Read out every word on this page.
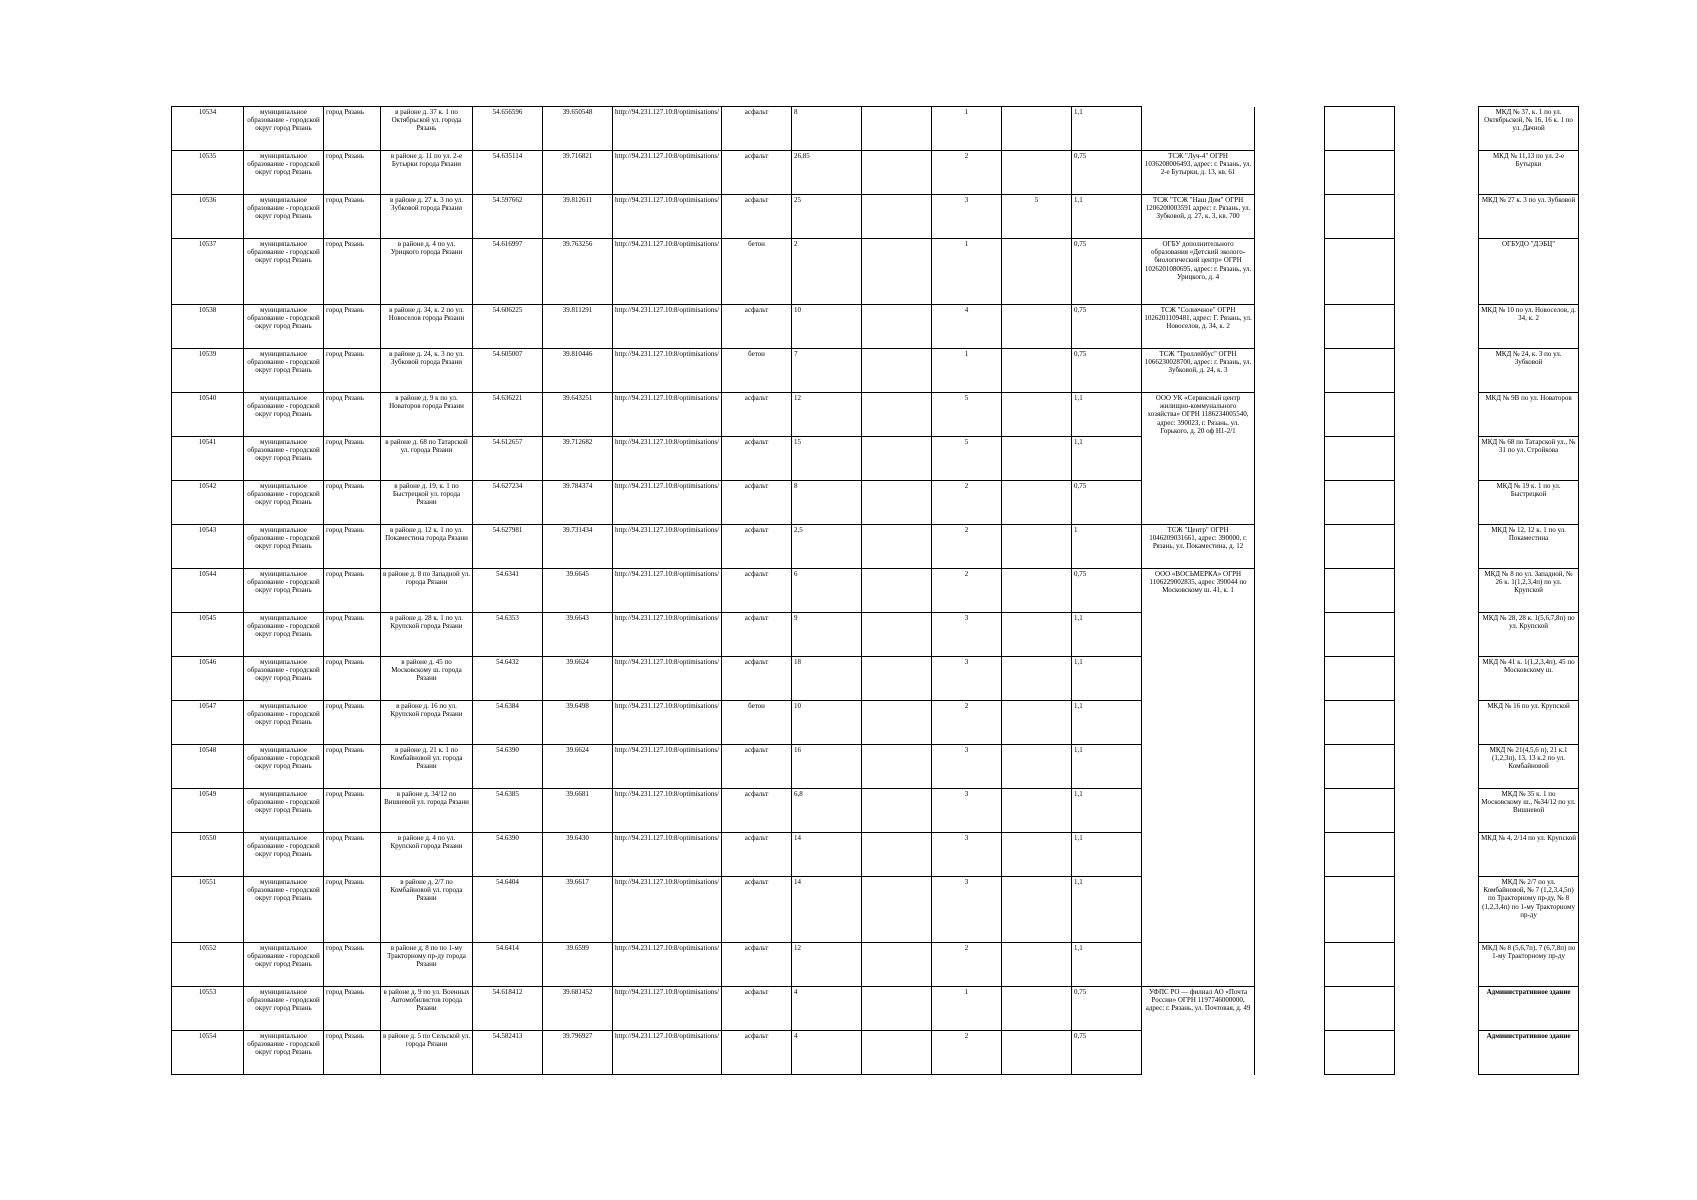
10534	муниципальное образование - городской округ город Рязань	город Рязань	в районе д. 37 к. 1 по Октябрьской ул. города Рязань	54.656596	39.650548	http://94.231.127.10:8/optimisations/	асфальт	8		1		1,1					МКД № 37, к. 1 по ул. Октябрьской, № 16, 16 к. 1 по ул. Дачной
10535	муниципальное образование - городской округ город Рязань	город Рязань	в районе д. 11 по ул. 2-е Бутырки города Рязани	54.635114	39.716821	http://94.231.127.10:8/optimisations/	асфальт	26,85		2		0,75	ТСЖ "Луч-4" ОГРН 1036208006493, адрес: г. Рязань, ул. 2-е Бутырки, д. 13, кв. 61				МКД № 11,13 по ул. 2-е Бутырки
10536	муниципальное образование - городской округ город Рязань	город Рязань	в районе д. 27 к. 3 по ул. Зубковой города Рязани	54.597662	39.812611	http://94.231.127.10:8/optimisations/	асфальт	25		3	5	1,1	ТСЖ "ТСЖ "Наш Дом" ОГРН 1206200003591 адрес: г. Рязань, ул. Зубковой, д. 27, к. 3, кв. 700				МКД № 27 к. 3 по ул. Зубковой
10537	муниципальное образование - городской округ город Рязань	город Рязань	в районе д. 4 по ул. Урицкого города Рязани	54.616997	39.763256	http://94.231.127.10:8/optimisations/	бетон	2		1		0,75	ОГБУ дополнительного образования «Детский эколого-биологический центр» ОГРН 1026201080695, адрес: г. Рязань, ул. Урицкого, д. 4				ОГБУДО "ДЭБЦ"
10538	муниципальное образование - городской округ город Рязань	город Рязань	в районе д. 34, к. 2 по ул. Новоселов города Рязани	54.606225	39.811291	http://94.231.127.10:8/optimisations/	асфальт	10		4		0,75	ТСЖ "Солнечное" ОГРН 1026201109481, адрес: Г. Рязань, ул. Новоселов, д. 34, к. 2				МКД № 10 по ул. Новоселов, д. 34, к. 2
10539	муниципальное образование - городской округ город Рязань	город Рязань	в районе д. 24, к. 3 по ул. Зубковой города Рязани	54.605007	39.810446	http://94.231.127.10:8/optimisations/	бетон	7		1		0,75	ТСЖ "Троллейбус" ОГРН 1066230028700, адрес: г. Рязань, ул. Зубковой, д. 24, к. 3				МКД № 24, к. 3 по ул. Зубковой
10540	муниципальное образование - городской округ город Рязань	город Рязань	в районе д. 9 к по ул. Новаторов города Рязани	54.636221	39.643251	http://94.231.127.10:8/optimisations/	асфальт	12		5		1,1	ООО УК «Сервисный центр жилищно-коммунального хозяйства» ОГРН 1186234005540, адрес: 390023, г. Рязань, ул. Горького, д. 20 оф Н1-2/1				МКД № 9В по ул. Новаторов
10541	муниципальное образование - городской округ город Рязань	город Рязань	в районе д. 68 по Татарской ул. города Рязани	54.612657	39.712682	http://94.231.127.10:8/optimisations/	асфальт	15		5		1,1					МКД № 68 по Татарской ул., № 31 по ул. Стройкова
10542	муниципальное образование - городской округ город Рязань	город Рязань	в районе д. 19, к. 1 по Быстрецкой ул. города Рязани	54.627234	39.784374	http://94.231.127.10:8/optimisations/	асфальт	8		2		0,75					МКД № 19 к. 1 по ул. Быстрецкой
10543	муниципальное образование - городской округ город Рязань	город Рязань	в районе д. 12 к. 1 по ул. Покаместина города Рязани	54.627981	39.731434	http://94.231.127.10:8/optimisations/	асфальт	2,5		2		1	ТСЖ "Центр" ОГРН 1046209031661, адрес: 390000, г. Рязань, ул. Покаместина, д. 12				МКД № 12, 12 к. 1 по ул. Покаместина
10544	муниципальное образование - городской округ город Рязань	город Рязань	в районе д. 8 по Западной ул. города Рязани	54.6341	39.6645	http://94.231.127.10:8/optimisations/	асфальт	6		2		0,75	ООО «ВОСЬМЕРКА» ОГРН 1106229002835, адрес 390044 по Московскому ш. 41, к. 1				МКД № 8 по ул. Западной, № 26 к. 1(1,2,3,4п) по ул. Крупской
10545	муниципальное образование - городской округ город Рязань	город Рязань	в районе д. 28 к. 1 по ул. Крупской города Рязани	54.6353	39.6643	http://94.231.127.10:8/optimisations/	асфальт	9		3		1,1					МКД № 28, 28 к. 1(5,6,7,8п) по ул. Крупской
10546	муниципальное образование - городской округ город Рязань	город Рязань	в районе д. 45 по Московскому ш. города Рязани	54.6432	39.6624	http://94.231.127.10:8/optimisations/	асфальт	18		3		1,1					МКД № 41 к. 1(1,2,3,4п), 45 по Московскому ш.
10547	муниципальное образование - городской округ город Рязань	город Рязань	в районе д. 16 по ул. Крупской города Рязани	54.6384	39.6498	http://94.231.127.10:8/optimisations/	бетон	10		2		1,1					МКД № 16 по ул. Крупской
10548	муниципальное образование - городской округ город Рязань	город Рязань	в районе д. 21 к. 1 по Комбайновой ул. города Рязани	54.6390	39.6624	http://94.231.127.10:8/optimisations/	асфальт	16		3		1,1					МКД № 21(4,5,6 п), 21 к.1 (1,2,3п), 13, 13 к.2 по ул. Комбайновой
10549	муниципальное образование - городской округ город Рязань	город Рязань	в районе д. 34/12 по Вишневой ул. города Рязани	54.6385	39.6681	http://94.231.127.10:8/optimisations/	асфальт	6,8		3		1,1					МКД № 35 к. 1 по Московскому ш., №34/12 по ул. Вишневой
10550	муниципальное образование - городской округ город Рязань	город Рязань	в районе д. 4 по ул. Крупской города Рязани	54.6390	39.6430	http://94.231.127.10:8/optimisations/	асфальт	14		3		1,1					МКД № 4, 2/14 по ул. Крупской
10551	муниципальное образование - городской округ город Рязань	город Рязань	в районе д. 2/7 по Комбайновой ул. города Рязани	54.6404	39.6617	http://94.231.127.10:8/optimisations/	асфальт	14		3		1,1					МКД № 2/7 по ул. Комбайновой, № 7 (1,2,3,4,5п) по Тракторному пр-ду, № 8 (1,2,3,4п) по 1-му Тракторному пр-ду
10552	муниципальное образование - городской округ город Рязань	город Рязань	в районе д. 8 по по 1-му Тракторному пр-ду города Рязани	54.6414	39.6599	http://94.231.127.10:8/optimisations/	асфальт	12		2		1,1					МКД № 8 (5,6,7п), 7 (6,7,8п) по 1-му Тракторному пр-ду
10553	муниципальное образование - городской округ город Рязань	город Рязань	в районе д. 9 по ул. Военных Автомобилистов города Рязани	54.618412	39.681452	http://94.231.127.10:8/optimisations/	асфальт	4		1		0,75	УФПС РО — филиал АО «Почта России» ОГРН 1197746000000, адрес: г. Рязань, ул. Почтовая, д. 49				Административное здание
10554	муниципальное образование - городской округ город Рязань	город Рязань	в районе д. 5 по Сельской ул. города Рязани	54.582413	39.796927	http://94.231.127.10:8/optimisations/	асфальт	4		2		0,75					Административное здание
